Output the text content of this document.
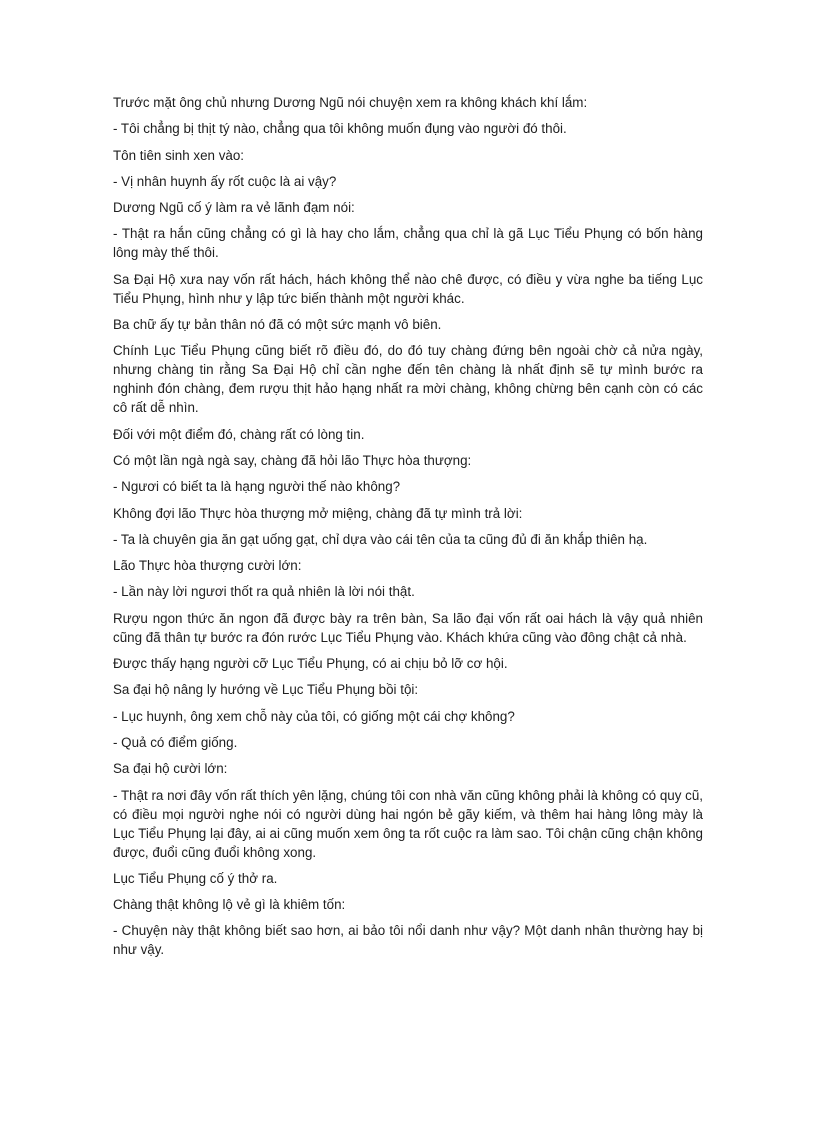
Trước mặt ông chủ nhưng Dương Ngũ nói chuyện xem ra không khách khí lắm:

- Tôi chẳng bị thịt tý nào, chẳng qua tôi không muốn đụng vào người đó thôi.

Tôn tiên sinh xen vào:

- Vị nhân huynh ấy rốt cuộc là ai vậy?

Dương Ngũ cố ý làm ra vẻ lãnh đạm nói:

- Thật ra hắn cũng chẳng có gì là hay cho lắm, chẳng qua chỉ là gã Lục Tiểu Phụng có bốn hàng lông mày thế thôi.

Sa Đại Hộ xưa nay vốn rất hách, hách không thể nào chê được, có điều y vừa nghe ba tiếng Lục Tiểu Phụng, hình như y lập tức biến thành một người khác.

Ba chữ ấy tự bản thân nó đã có một sức mạnh vô biên.

Chính Lục Tiểu Phụng cũng biết rõ điều đó, do đó tuy chàng đứng bên ngoài chờ cả nửa ngày, nhưng chàng tin rằng Sa Đại Hộ chỉ cần nghe đến tên chàng là nhất định sẽ tự mình bước ra nghinh đón chàng, đem rượu thịt hảo hạng nhất ra mời chàng, không chừng bên cạnh còn có các cô rất dễ nhìn.

Đối với một điểm đó, chàng rất có lòng tin.

Có một lần ngà ngà say, chàng đã hỏi lão Thực hòa thượng:

- Ngươi có biết ta là hạng người thế nào không?

Không đợi lão Thực hòa thượng mở miệng, chàng đã tự mình trả lời:

- Ta là chuyên gia ăn gạt uống gạt, chỉ dựa vào cái tên của ta cũng đủ đi ăn khắp thiên hạ.

Lão Thực hòa thượng cười lớn:

- Lần này lời ngươi thốt ra quả nhiên là lời nói thật.

Rượu ngon thức ăn ngon đã được bày ra trên bàn, Sa lão đại vốn rất oai hách là vậy quả nhiên cũng đã thân tự bước ra đón rước Lục Tiểu Phụng vào. Khách khứa cũng vào đông chật cả nhà.

Được thấy hạng người cỡ Lục Tiểu Phụng, có ai chịu bỏ lỡ cơ hội.

Sa đại hộ nâng ly hướng về Lục Tiểu Phụng bồi tội:

- Lục huynh, ông xem chỗ này của tôi, có giống một cái chợ không?

- Quả có điểm giống.

Sa đại hộ cười lớn:

- Thật ra nơi đây vốn rất thích yên lặng, chúng tôi con nhà văn cũng không phải là không có quy cũ, có điều mọi người nghe nói có người dùng hai ngón bẻ gãy kiếm, và thêm hai hàng lông mày là Lục Tiểu Phụng lại đây, ai ai cũng muốn xem ông ta rốt cuộc ra làm sao. Tôi chận cũng chận không được, đuổi cũng đuổi không xong.

Lục Tiểu Phụng cố ý thở ra.

Chàng thật không lộ vẻ gì là khiêm tốn:

- Chuyện này thật không biết sao hơn, ai bảo tôi nổi danh như vậy? Một danh nhân thường hay bị như vậy.
